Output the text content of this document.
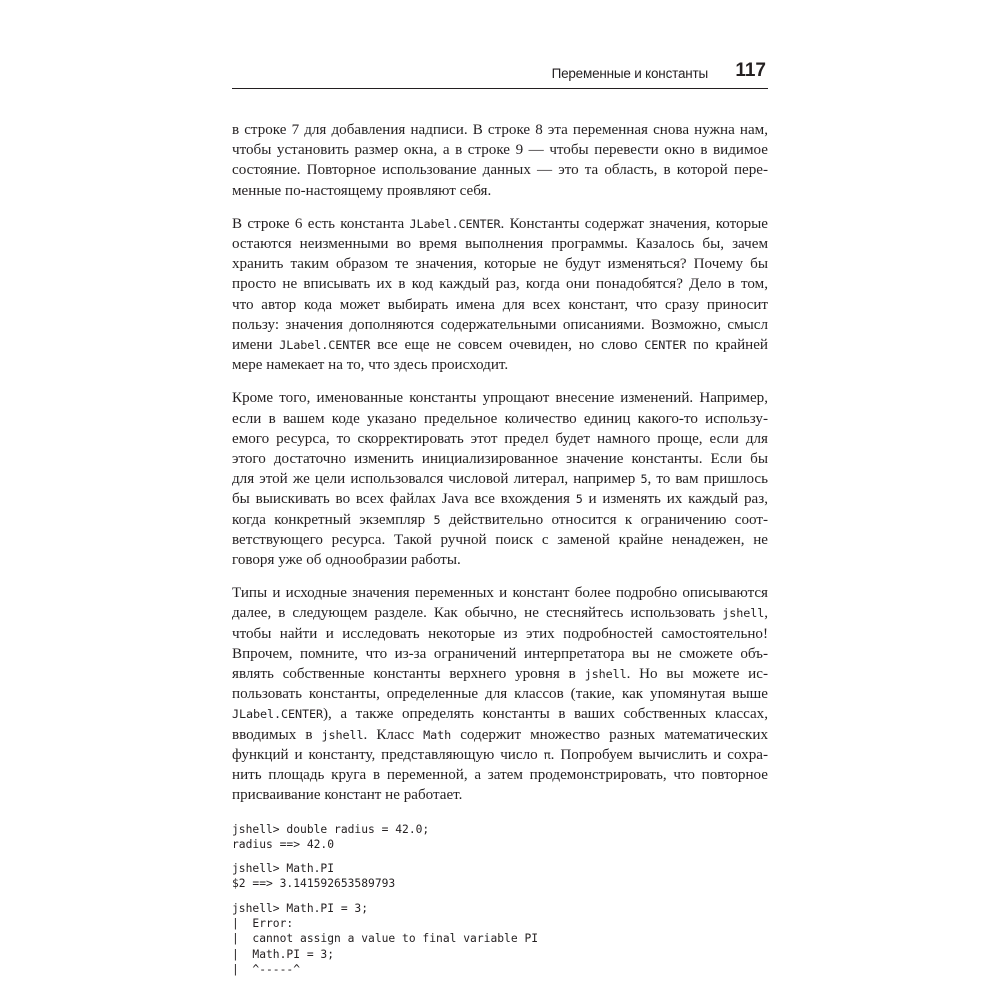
Переменные и константы 117
в строке 7 для добавления надписи. В строке 8 эта переменная снова нужна нам,
чтобы установить размер окна, а в строке 9 — чтобы перевести окно в видимое
состояние. Повторное использование данных — это та область, в которой пере-
менные по-настоящему проявляют себя.
В строке 6 есть константа JLabel.CENTER. Константы содержат значения, которые
остаются неизменными во время выполнения программы. Казалось бы, зачем
хранить таким образом те значения, которые не будут изменяться? Почему бы
просто не вписывать их в код каждый раз, когда они понадобятся? Дело в том,
что автор кода может выбирать имена для всех констант, что сразу приносит
пользу: значения дополняются содержательными описаниями. Возможно, смысл
имени JLabel.CENTER все еще не совсем очевиден, но слово CENTER по крайней
мере намекает на то, что здесь происходит.
Кроме того, именованные константы упрощают внесение изменений. Например,
если в вашем коде указано предельное количество единиц какого-то использу-
емого ресурса, то скорректировать этот предел будет намного проще, если для
этого достаточно изменить инициализированное значение константы. Если бы
для этой же цели использовался числовой литерал, например 5, то вам пришлось
бы выискивать во всех файлах Java все вхождения 5 и изменять их каждый раз,
когда конкретный экземпляр 5 действительно относится к ограничению соот-
ветствующего ресурса. Такой ручной поиск с заменой крайне ненадежен, не
говоря уже об однообразии работы.
Типы и исходные значения переменных и констант более подробно описываются
далее, в следующем разделе. Как обычно, не стесняйтесь использовать jshell,
чтобы найти и исследовать некоторые из этих подробностей самостоятельно!
Впрочем, помните, что из-за ограничений интерпретатора вы не сможете объ-
являть собственные константы верхнего уровня в jshell. Но вы можете ис-
пользовать константы, определенные для классов (такие, как упомянутая выше
JLabel.CENTER), а также определять константы в ваших собственных классах,
вводимых в jshell. Класс Math содержит множество разных математических
функций и константу, представляющую число π. Попробуем вычислить и сохра-
нить площадь круга в переменной, а затем продемонстрировать, что повторное
присваивание констант не работает.
jshell> double radius = 42.0;
radius ==> 42.0
jshell> Math.PI
$2 ==> 3.141592653589793
jshell> Math.PI = 3;
|  Error:
|  cannot assign a value to final variable PI
|  Math.PI = 3;
|  ^-----^
